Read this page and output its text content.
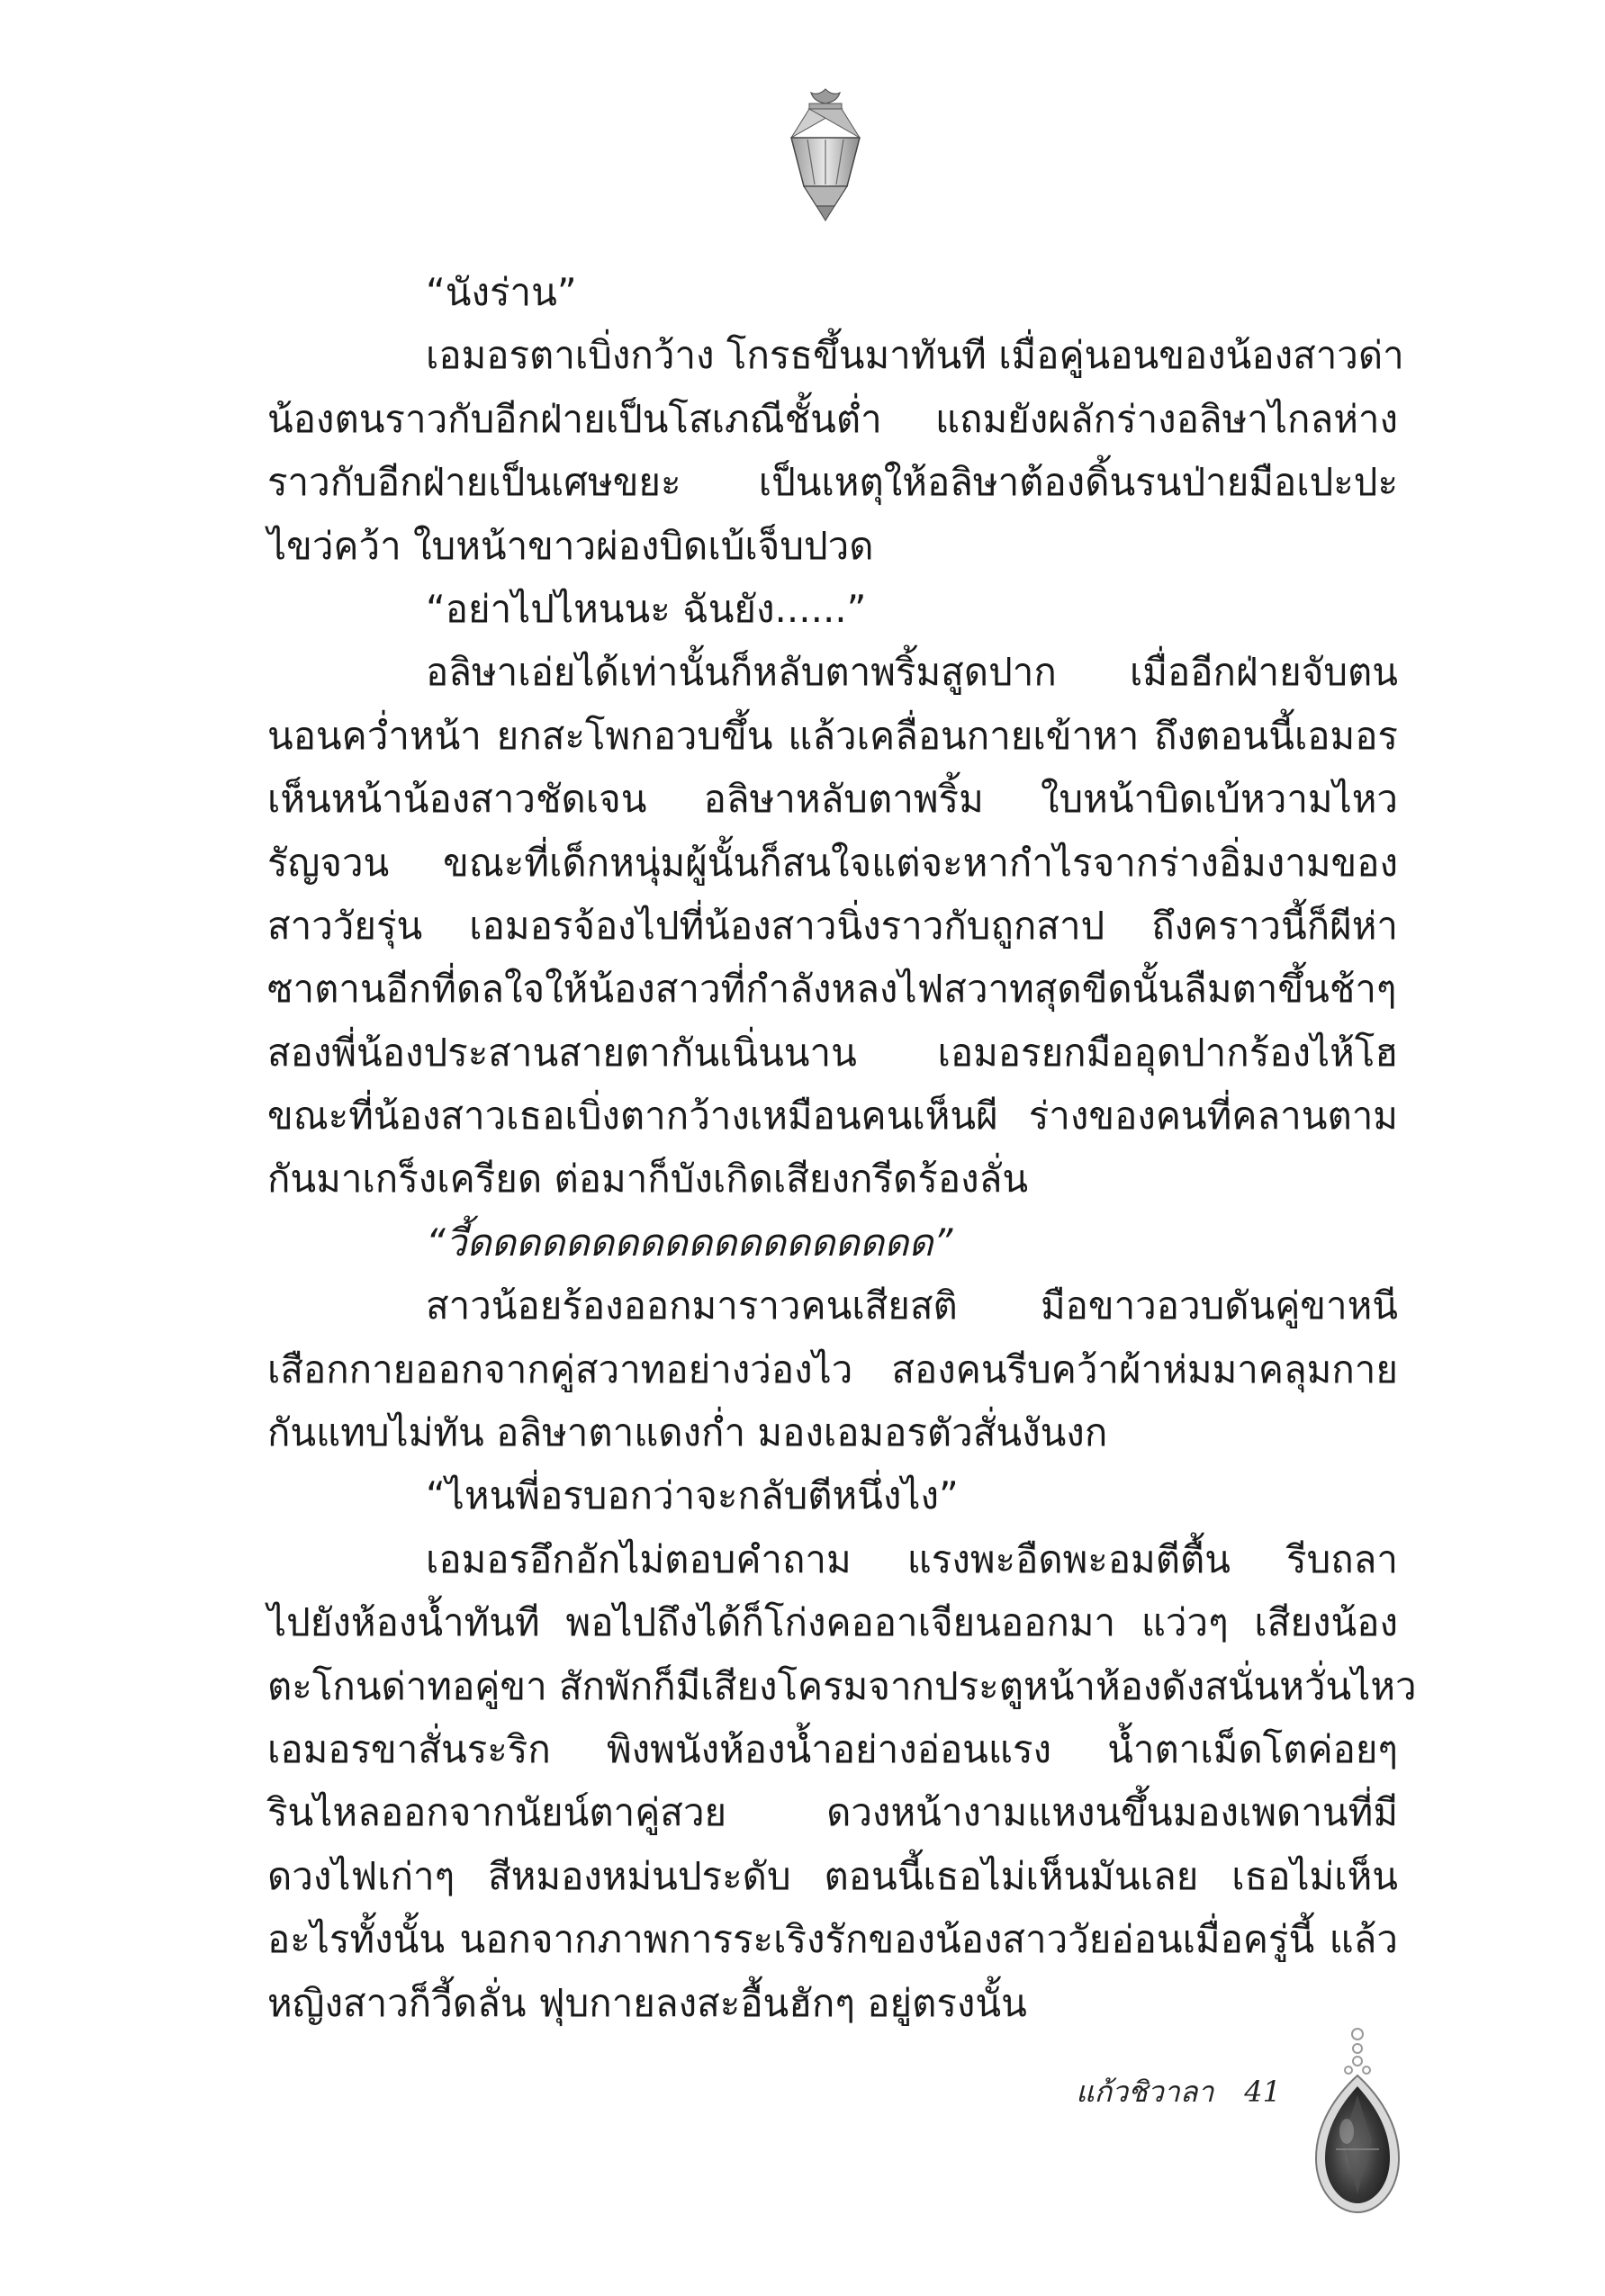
“นังร่าน”
เอมอรตาเบิ่งกว้าง โกรธขึ้นมาทันที เมื่อคู่นอนของน้องสาวด่า
น้องตนราวกับอีกฝ่ายเป็นโสเภณีชั้นต่ำ แถมยังผลักร่างอลิษาไกลห่าง
ราวกับอีกฝ่ายเป็นเศษขยะ เป็นเหตุให้อลิษาต้องดิ้นรนป่ายมือเปะปะ
ไขว่คว้า ใบหน้าขาวผ่องบิดเบ้เจ็บปวด
“อย่าไปไหนนะ ฉันยัง......”
อลิษาเอ่ยได้เท่านั้นก็หลับตาพริ้มสูดปาก เมื่ออีกฝ่ายจับตน
นอนคว่ำหน้า ยกสะโพกอวบขึ้น แล้วเคลื่อนกายเข้าหา ถึงตอนนี้เอมอร
เห็นหน้าน้องสาวชัดเจน อลิษาหลับตาพริ้ม ใบหน้าบิดเบ้หวามไหว
รัญจวน ขณะที่เด็กหนุ่มผู้นั้นก็สนใจแต่จะหากำไรจากร่างอิ่มงามของ
สาววัยรุ่น เอมอรจ้องไปที่น้องสาวนิ่งราวกับถูกสาป ถึงคราวนี้ก็ผีห่า
ซาตานอีกที่ดลใจให้น้องสาวที่กำลังหลงไฟสวาทสุดขีดนั้นลืมตาขึ้นช้าๆ
สองพี่น้องประสานสายตากันเนิ่นนาน เอมอรยกมืออุดปากร้องไห้โฮ
ขณะที่น้องสาวเธอเบิ่งตากว้างเหมือนคนเห็นผี ร่างของคนที่คลานตาม
กันมาเกร็งเครียด ต่อมาก็บังเกิดเสียงกรีดร้องลั่น
“วี้ดดดดดดดดดดดดดดดดดดด”
สาวน้อยร้องออกมาราวคนเสียสติ มือขาวอวบดันคู่ขาหนี
เสือกกายออกจากคู่สวาทอย่างว่องไว สองคนรีบคว้าผ้าห่มมาคลุมกาย
กันแทบไม่ทัน อลิษาตาแดงก่ำ มองเอมอรตัวสั่นงันงก
“ไหนพี่อรบอกว่าจะกลับตีหนึ่งไง”
เอมอรอึกอักไม่ตอบคำถาม แรงพะอืดพะอมตีตื้น รีบถลา
ไปยังห้องน้ำทันที พอไปถึงได้ก็โก่งคออาเจียนออกมา แว่วๆ เสียงน้อง
ตะโกนด่าทอคู่ขา สักพักก็มีเสียงโครมจากประตูหน้าห้องดังสนั่นหวั่นไหว
เอมอรขาสั่นระริก พิงพนังห้องน้ำอย่างอ่อนแรง น้ำตาเม็ดโตค่อยๆ
รินไหลออกจากนัยน์ตาคู่สวย ดวงหน้างามแหงนขึ้นมองเพดานที่มี
ดวงไฟเก่าๆ สีหมองหม่นประดับ ตอนนี้เธอไม่เห็นมันเลย เธอไม่เห็น
อะไรทั้งนั้น นอกจากภาพการระเริงรักของน้องสาววัยอ่อนเมื่อครู่นี้ แล้ว
หญิงสาวก็วี้ดลั่น ฟุบกายลงสะอื้นฮักๆ อยู่ตรงนั้น
แก้วชิวาลา 41
